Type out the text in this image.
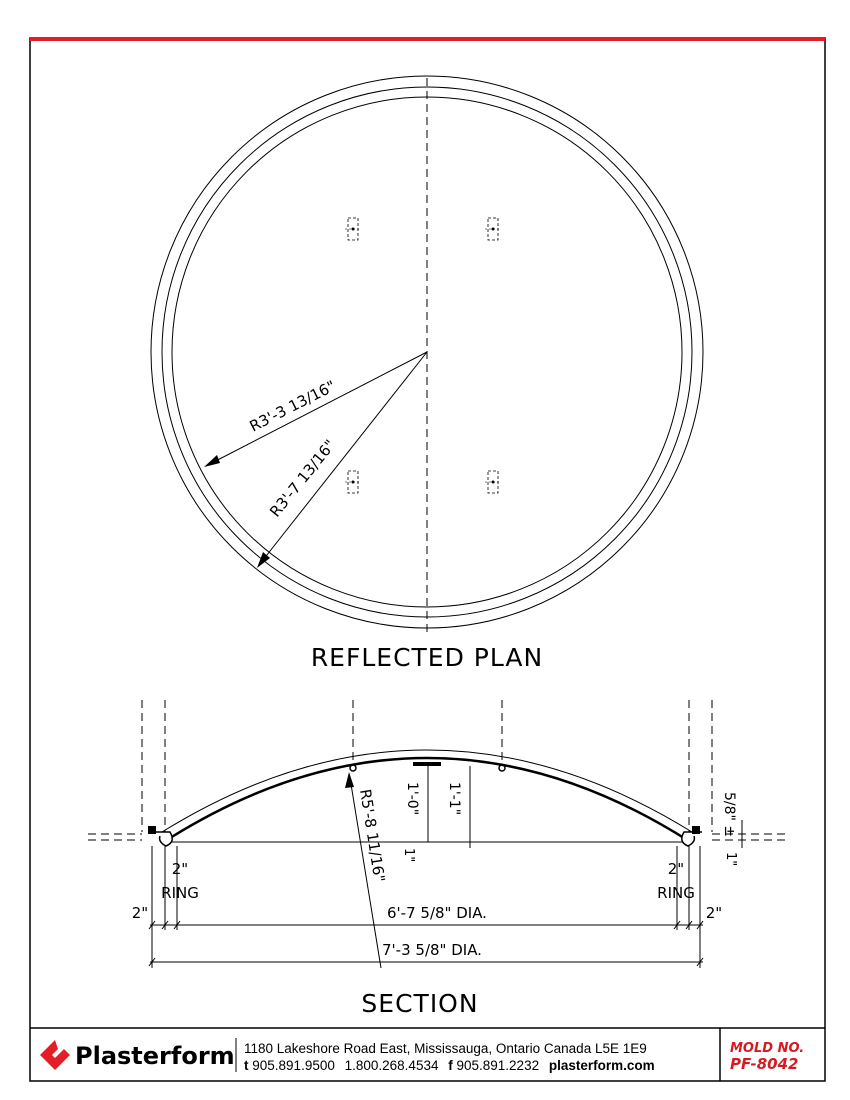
R3'-3 13/16"
R3'-7 13/16"
REFLECTED PLAN
R5'-8 11/16" 1'-0" 1'-1"
1"
5/8" ±
1"
2"
RING
2"
RING
2"	2"
6'-7 5/8" DIA.
7'-3 5/8" DIA.
SECTION
Plasterform 1180 Lakeshore Road East, Mississauga, Ontario Canada L5E 1E9
t 905.891.9500 1.800.268.4534 f 905.891.2232 plasterform.com
MOLD NO.
PF-8042
